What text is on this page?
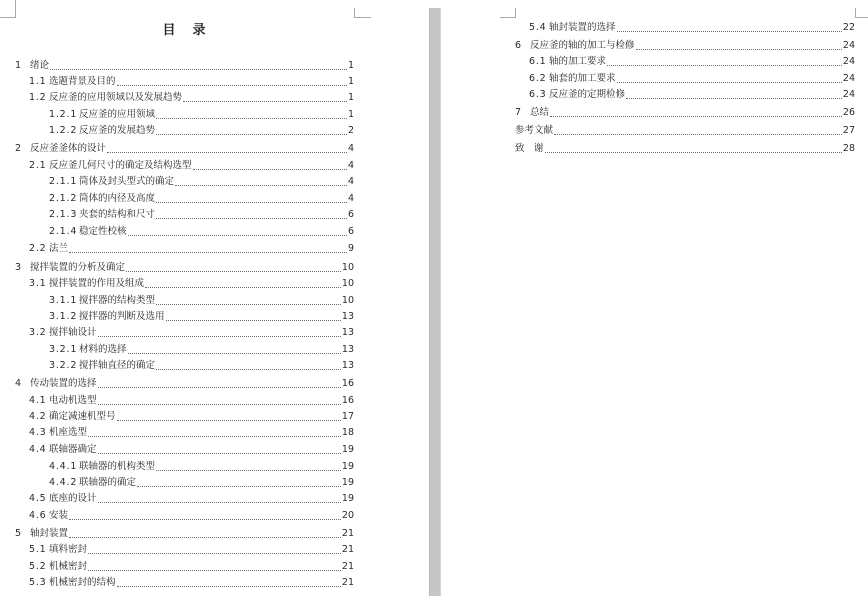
目　录
1 绪论	1
1.1 选题背景及目的	1
1.2 反应釜的应用领域以及发展趋势	1
1.2.1 反应釜的应用领域	1
1.2.2 反应釜的发展趋势	2
2 反应釜釜体的设计	4
2.1 反应釜几何尺寸的确定及结构选型	4
2.1.1 筒体及封头型式的确定	4
2.1.2 筒体的内径及高度	4
2.1.3 夹套的结构和尺寸	6
2.1.4 稳定性校核	6
2.2 法兰	9
3 搅拌装置的分析及确定	10
3.1 搅拌装置的作用及组成	10
3.1.1 搅拌器的结构类型	10
3.1.2 搅拌器的判断及选用	13
3.2 搅拌轴设计	13
3.2.1 材料的选择	13
3.2.2 搅拌轴直径的确定	13
4 传动装置的选择	16
4.1 电动机选型	16
4.2 确定减速机型号	17
4.3 机座选型	18
4.4 联轴器确定	19
4.4.1 联轴器的机构类型	19
4.4.2 联轴器的确定	19
4.5 底座的设计	19
4.6 安装	20
5 轴封装置	21
5.1 填料密封	21
5.2 机械密封	21
5.3 机械密封的结构	21
5.4 轴封装置的选择	22
6 反应釜的轴的加工与检修	24
6.1 轴的加工要求	24
6.2 轴套的加工要求	24
6.3 反应釜的定期检修	24
7 总结	26
参考文献	27
致　谢	28
